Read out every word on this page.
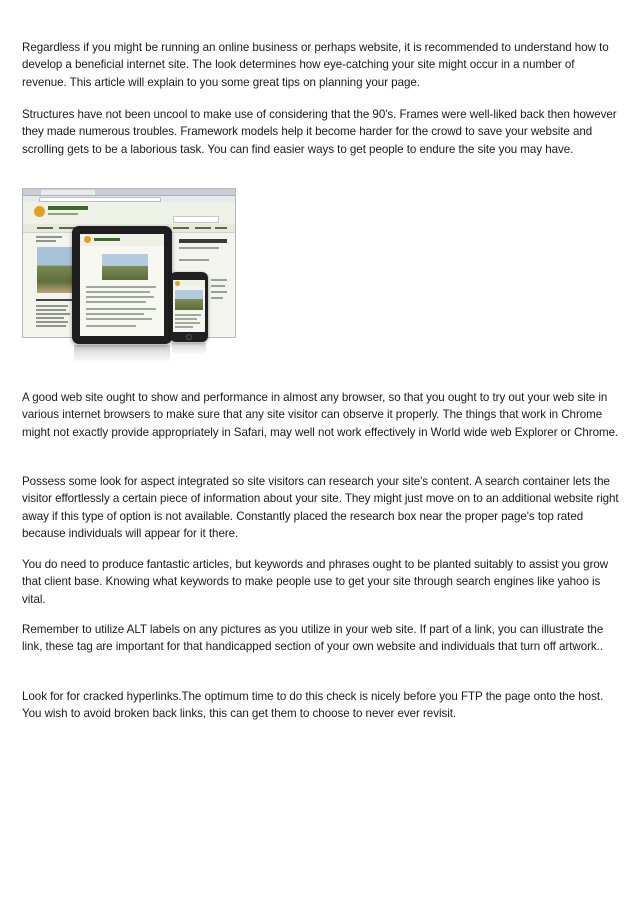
Regardless if you might be running an online business or perhaps website, it is recommended to understand how to develop a beneficial internet site. The look determines how eye-catching your site might occur in a number of revenue. This article will explain to you some great tips on planning your page.

Structures have not been uncool to make use of considering that the 90's. Frames were well-liked back then however they made numerous troubles. Framework models help it become harder for the crowd to save your website and scrolling gets to be a laborious task. You can find easier ways to get people to endure the site you may have.

A good web site ought to show and performance in almost any browser, so that you ought to try out your web site in various internet browsers to make sure that any site visitor can observe it properly. The things that work in Chrome might not exactly provide appropriately in Safari, may well not work effectively in World wide web Explorer or Chrome.

Possess some look for aspect integrated so site visitors can research your site's content. A search container lets the visitor effortlessly a certain piece of information about your site. They might just move on to an additional website right away if this type of option is not available. Constantly placed the research box near the proper page's top rated because individuals will appear for it there.

You do need to produce fantastic articles, but keywords and phrases ought to be planted suitably to assist you grow that client base. Knowing what keywords to make people use to get your site through search engines like yahoo is vital.

Remember to utilize ALT labels on any pictures as you utilize in your web site. If part of a link, you can illustrate the link, these tag are important for that handicapped section of your own website and individuals that turn off artwork..

Look for for cracked hyperlinks.The optimum time to do this check is nicely before you FTP the page onto the host. You wish to avoid broken back links, this can get them to choose to never ever revisit.
